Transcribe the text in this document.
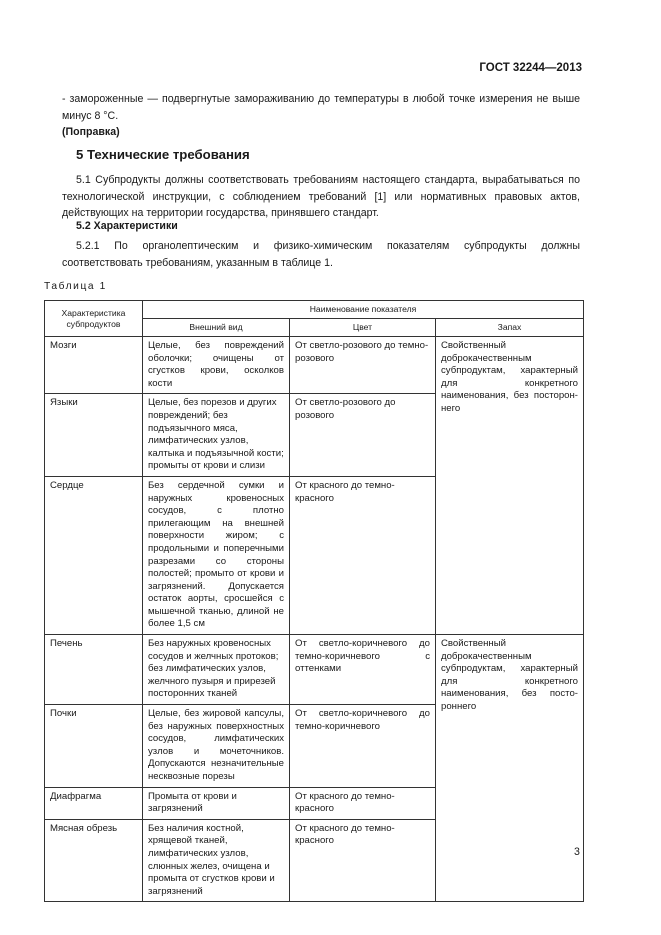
ГОСТ 32244—2013
- замороженные — подвергнутые замораживанию до температуры в любой точке измерения не выше минус 8 °С.
(Поправка)
5 Технические требования
5.1 Субпродукты должны соответствовать требованиям настоящего стандарта, вырабатываться по технологической инструкции, с соблюдением требований [1] или нормативных правовых актов, действующих на территории государства, принявшего стандарт.
5.2 Характеристики
5.2.1 По органолептическим и физико-химическим показателям субпродукты должны соответствовать требованиям, указанным в таблице 1.
Таблица 1
Характеристика субпродуктов	Наименование показателя		
	Внешний вид	Цвет	Запах
Мозги	Целые, без повреждений оболочки; очищены от сгустков крови, осколков кости	От светло-розового до темно-розового	Свойственный доброкачественным субпродуктам, характерный для конкретного наименования, без постороннего
Языки	Целые, без порезов и других повреждений; без подъязычного мяса, лимфатических узлов, калтыка и подъязычной кости; промыты от крови и слизи	От светло-розового до розового	
Сердце	Без сердечной сумки и наружных кровеносных сосудов, с плотно прилегающим на внешней поверхности жиром; с продольными и поперечными разрезами со стороны полостей; промыто от крови и загрязнений. Допускается остаток аорты, сросшейся с мышечной тканью, длиной не более 1,5 см	От красного до темно-красного	
Печень	Без наружных кровеносных сосудов и желчных протоков; без лимфатических узлов, желчного пузыря и прирезей посторонних тканей	От светло-коричневого до темно-коричневого с оттенками	Свойственный доброкачественным субпродуктам, характерный для конкретного наименования, без постороннего
Почки	Целые, без жировой капсулы, без наружных поверхностных сосудов, лимфатических узлов и мочеточников. Допускаются незначительные несквозные порезы	От светло-коричневого до темно-коричневого	
Диафрагма	Промыта от крови и загрязнений	От красного до темно-красного	
Мясная обрезь	Без наличия костной, хрящевой тканей, лимфатических узлов, слюнных желез, очищена и промыта от сгустков крови и загрязнений	От красного до темно-красного	
3
